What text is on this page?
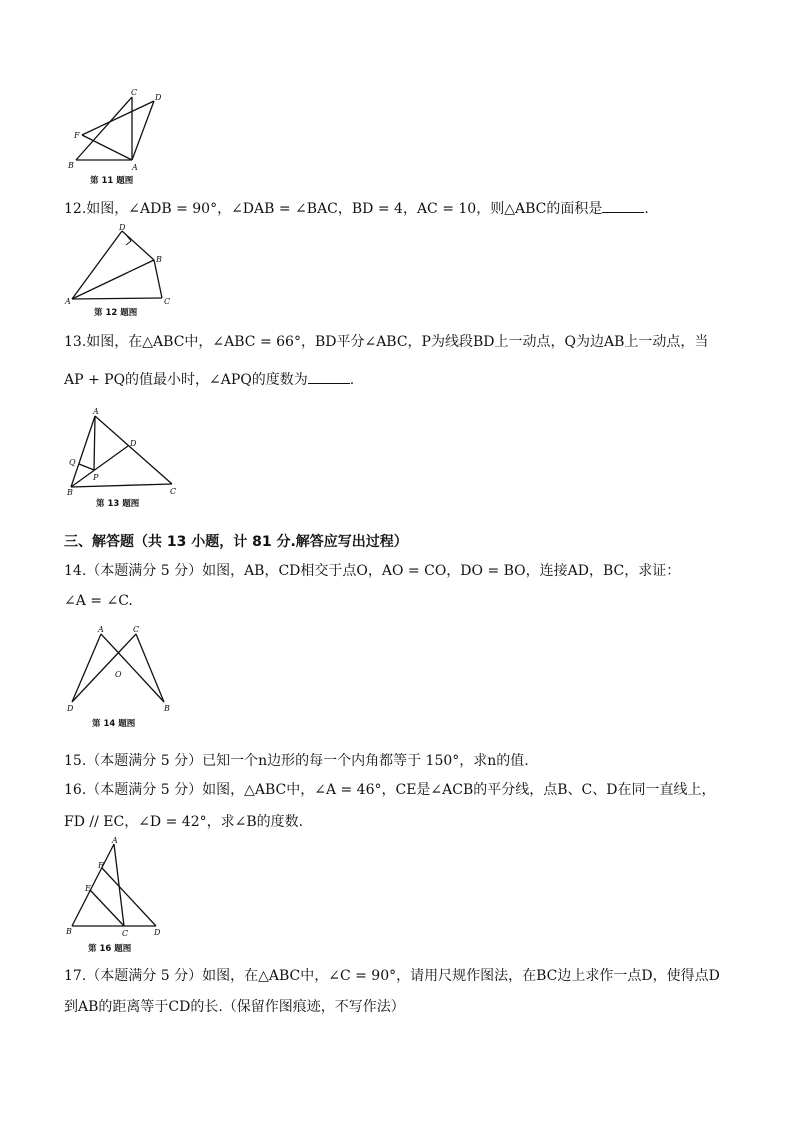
C
D
F
B	A
第 11 题图
12.如图，∠ADB = 90°，∠DAB = ∠BAC，BD = 4，AC = 10，则△ABC的面积是	.
D
B
A	C
第 12 题图
13.如图，在△ABC中，∠ABC = 66°，BD平分∠ABC，P为线段BD上一动点，Q为边AB上一动点，当
AP + PQ的值最小时，∠APQ的度数为	.
A
D
Q
P
B	C
第 13 题图
三、解答题（共 13 小题，计 81 分.解答应写出过程）
14.（本题满分 5 分）如图，AB，CD相交于点O，AO = CO，DO = BO，连接AD，BC，求证：
∠A = ∠C.
A	C
O
D	B
第 14 题图
15.（本题满分 5 分）已知一个n边形的每一个内角都等于 150°，求n的值.
16.（本题满分 5 分）如图，△ABC中，∠A = 46°，CE是∠ACB的平分线，点B、C、D在同一直线上，
FD // EC，∠D = 42°，求∠B的度数.
A
F
E
B	C	D
第 16 题图
17.（本题满分 5 分）如图，在△ABC中，∠C = 90°，请用尺规作图法，在BC边上求作一点D，使得点D
到AB的距离等于CD的长.（保留作图痕迹，不写作法）
